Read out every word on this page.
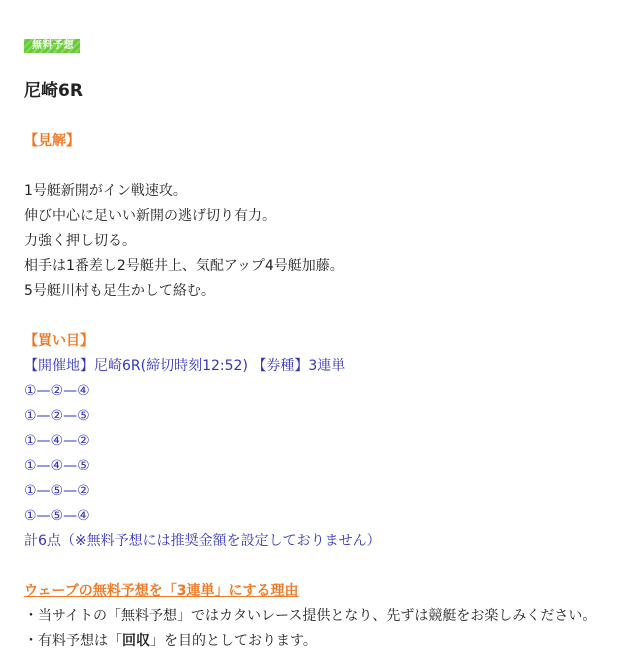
無料予想
尼崎6R
【見解】
1号艇新開がイン戦速攻。
伸び中心に足いい新開の逃げ切り有力。
力強く押し切る。
相手は1番差し2号艇井上、気配アップ4号艇加藤。
5号艇川村も足生かして絡む。
【買い目】
【開催地】尼崎6R(締切時刻12:52) 【券種】3連単
①—②—④
①—②—⑤
①—④—②
①—④—⑤
①—⑤—②
①—⑤—④
計6点（※無料予想には推奨金額を設定しておりません）
ウェーブの無料予想を「3連単」にする理由
・当サイトの「無料予想」ではカタいレース提供となり、先ずは競艇をお楽しみください。
・有料予想は「回収」を目的としております。
